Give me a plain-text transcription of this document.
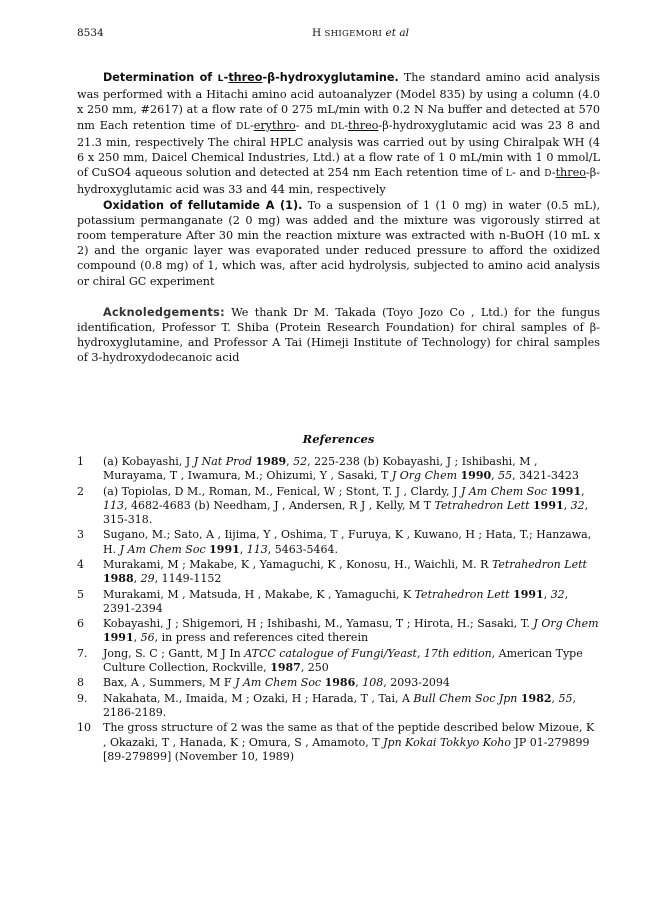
8534	H SHIGEMORI et al

Determination of L-threo-β-hydroxyglutamine. The standard amino acid analysis was performed with a Hitachi amino acid autoanalyzer (Model 835) by using a column (4.0 x 250 mm, #2617) at a flow rate of 0 275 mL/min with 0.2 N Na buffer and detected at 570 nm Each retention time of DL-erythro- and DL-threo-β-hydroxyglutamic acid was 23 8 and 21.3 min, respectively The chiral HPLC analysis was carried out by using Chiralpak WH (4 6 x 250 mm, Daicel Chemical Industries, Ltd.) at a flow rate of 1 0 mL/min with 1 0 mmol/L of CuSO4 aqueous solution and detected at 254 nm Each retention time of L- and D-threo-β-hydroxyglutamic acid was 33 and 44 min, respectively

Oxidation of fellutamide A (1). To a suspension of 1 (1 0 mg) in water (0.5 mL), potassium permanganate (2 0 mg) was added and the mixture was vigorously stirred at room temperature After 30 min the reaction mixture was extracted with n-BuOH (10 mL x 2) and the organic layer was evaporated under reduced pressure to afford the oxidized compound (0.8 mg) of 1, which was, after acid hydrolysis, subjected to amino acid analysis or chiral GC experiment

Acknoledgements: We thank Dr M. Takada (Toyo Jozo Co , Ltd.) for the fungus identification, Professor T. Shiba (Protein Research Foundation) for chiral samples of β-hydroxyglutamine, and Professor A Tai (Himeji Institute of Technology) for chiral samples of 3-hydroxydodecanoic acid

References
1	(a) Kobayashi, J J Nat Prod 1989, 52, 225-238 (b) Kobayashi, J ; Ishibashi, M , Murayama, T , Iwamura, M.; Ohizumi, Y , Sasaki, T J Org Chem 1990, 55, 3421-3423
2	(a) Topiolas, D M., Roman, M., Fenical, W ; Stont, T. J , Clardy, J J Am Chem Soc 1991, 113, 4682-4683 (b) Needham, J , Andersen, R J , Kelly, M T Tetrahedron Lett 1991, 32, 315-318.
3	Sugano, M.; Sato, A , Iijima, Y , Oshima, T , Furuya, K , Kuwano, H ; Hata, T.; Hanzawa, H. J Am Chem Soc 1991, 113, 5463-5464.
4	Murakami, M ; Makabe, K , Yamaguchi, K , Konosu, H., Waichli, M. R Tetrahedron Lett 1988, 29, 1149-1152
5	Murakami, M , Matsuda, H , Makabe, K , Yamaguchi, K Tetrahedron Lett 1991, 32, 2391-2394
6	Kobayashi, J ; Shigemori, H ; Ishibashi, M., Yamasu, T ; Hirota, H.; Sasaki, T. J Org Chem 1991, 56, in press and references cited therein
7.	Jong, S. C ; Gantt, M J In ATCC catalogue of Fungi/Yeast, 17th edition, American Type Culture Collection, Rockville, 1987, 250
8	Bax, A , Summers, M F J Am Chem Soc 1986, 108, 2093-2094
9.	Nakahata, M., Imaida, M ; Ozaki, H ; Harada, T , Tai, A Bull Chem Soc Jpn 1982, 55, 2186-2189.
10	The gross structure of 2 was the same as that of the peptide described below Mizoue, K , Okazaki, T , Hanada, K ; Omura, S , Amamoto, T Jpn Kokai Tokkyo Koho JP 01-279899 [89-279899] (November 10, 1989)
